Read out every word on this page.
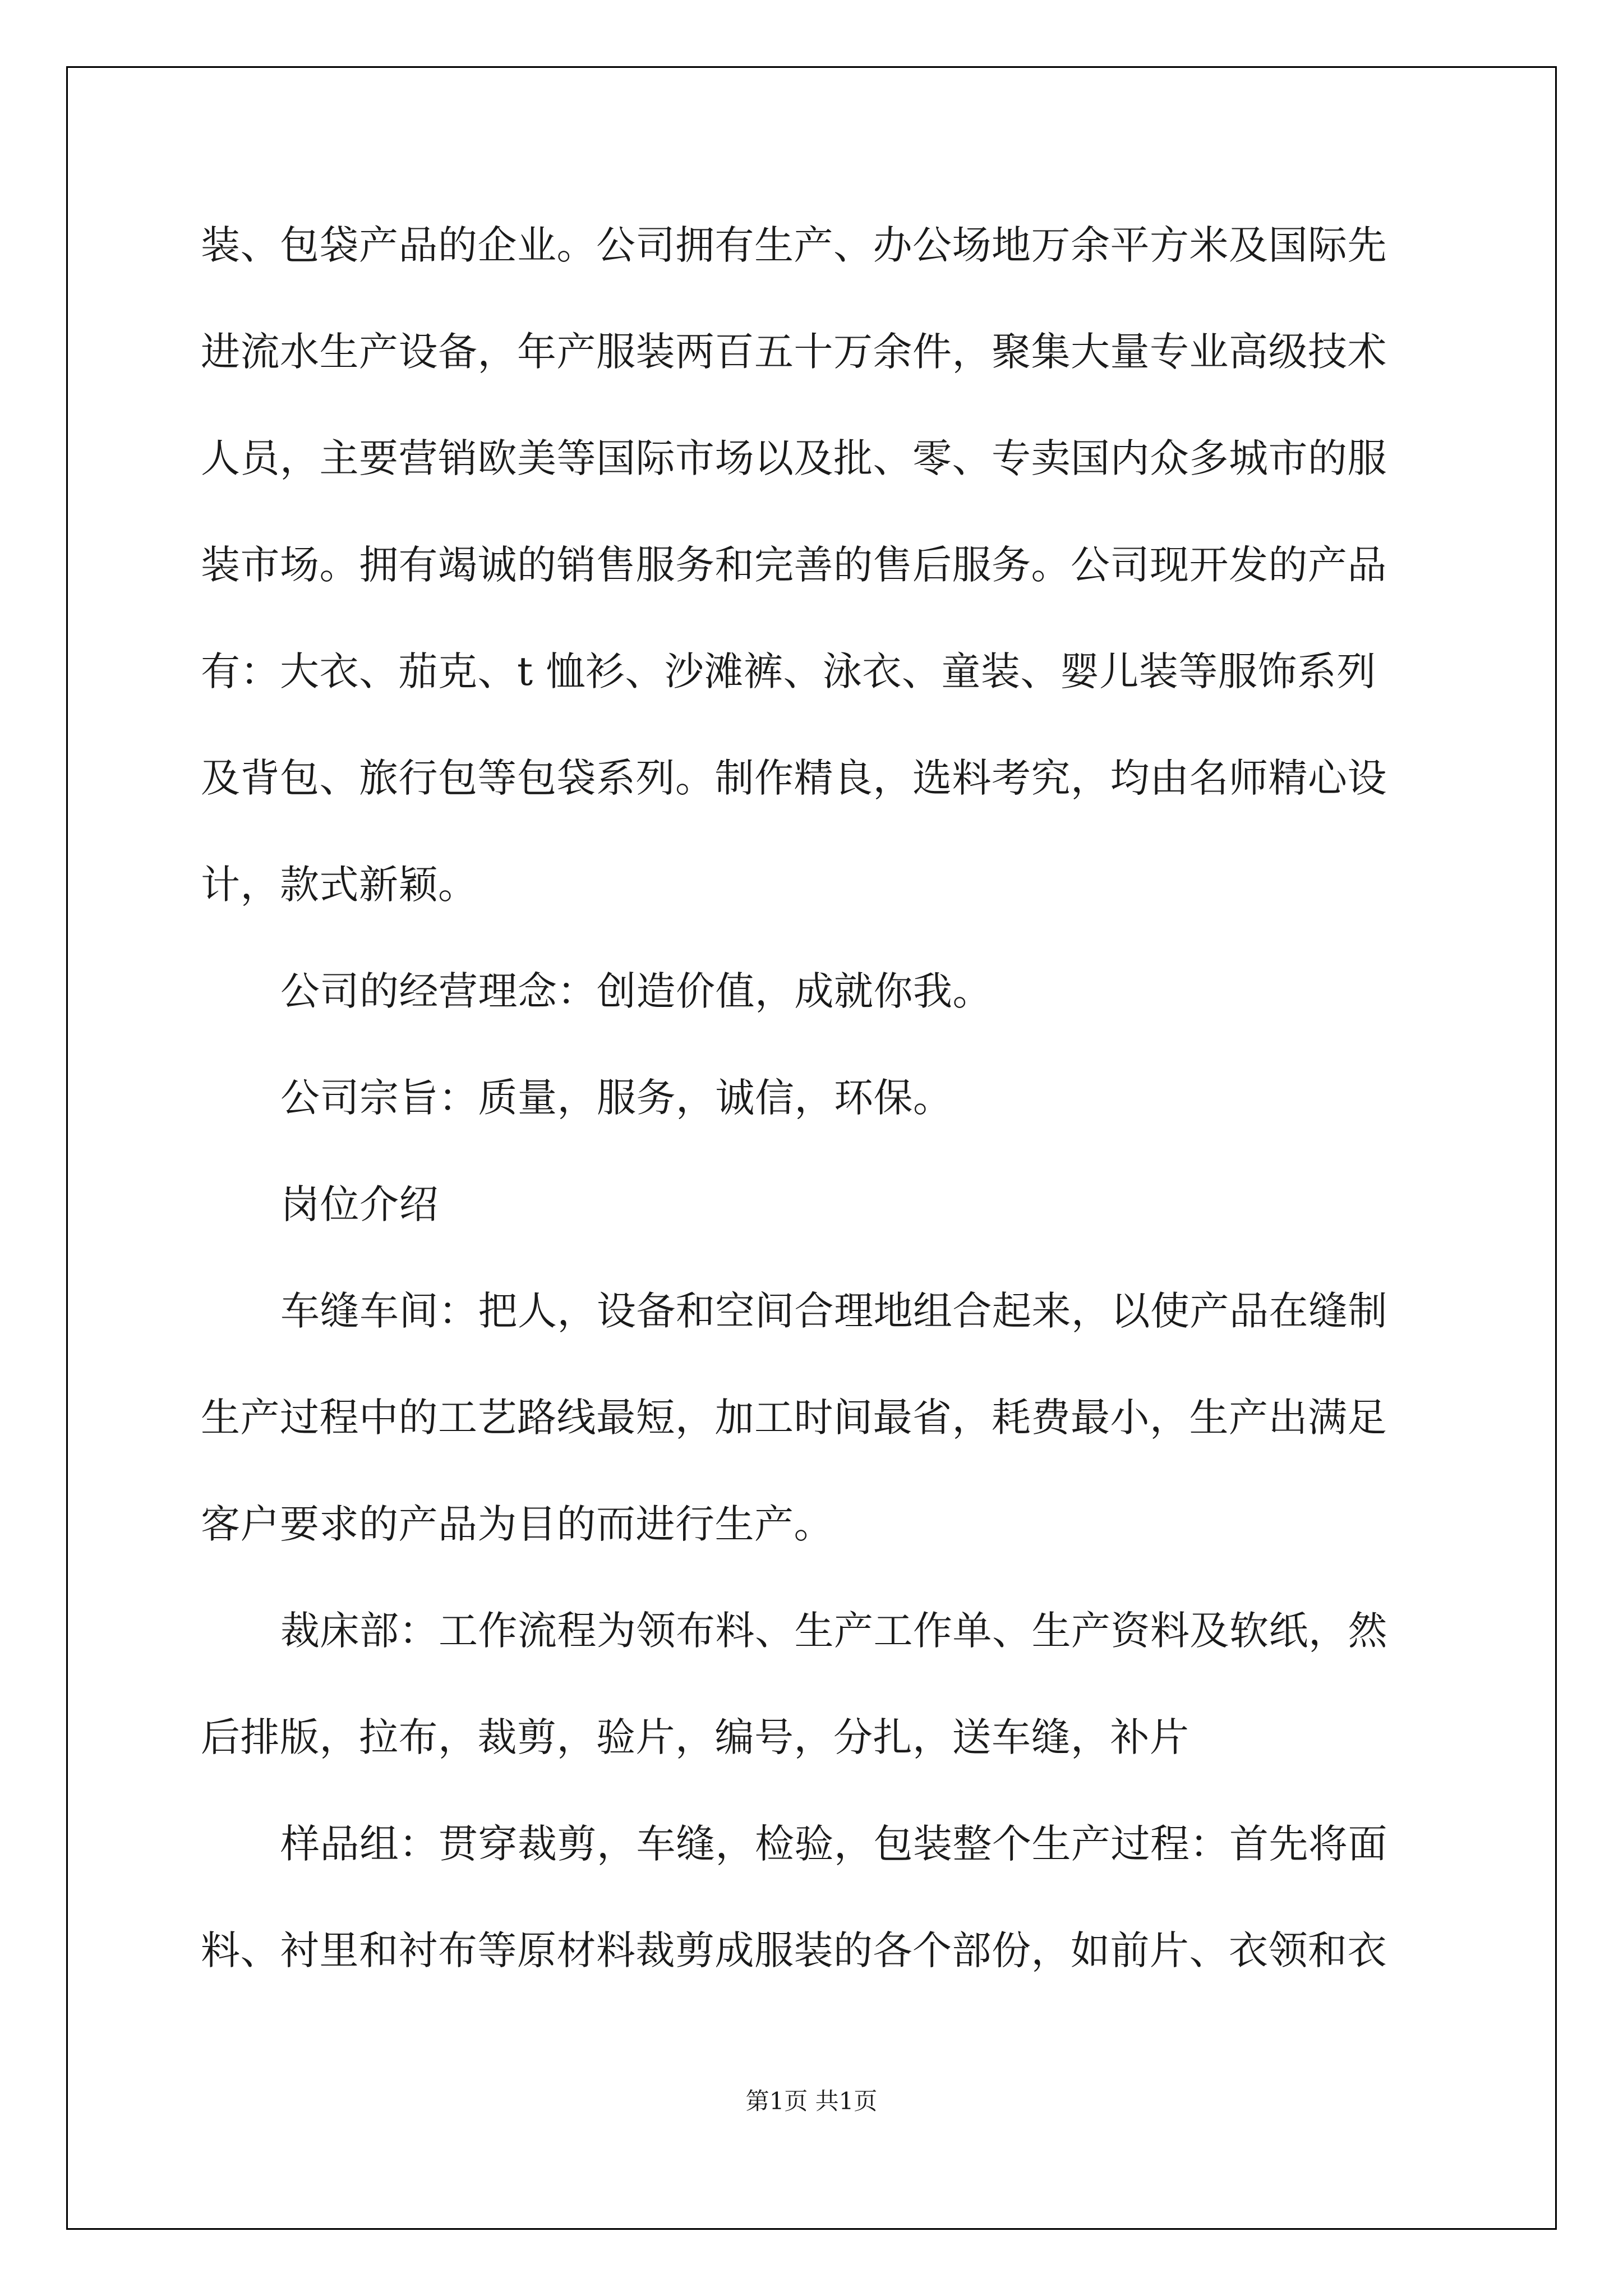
装、包袋产品的企业。公司拥有生产、办公场地万余平方米及国际先
进流水生产设备，年产服装两百五十万余件，聚集大量专业高级技术
人员，主要营销欧美等国际市场以及批、零、专卖国内众多城市的服
装市场。拥有竭诚的销售服务和完善的售后服务。公司现开发的产品
有：大衣、茄克、t 恤衫、沙滩裤、泳衣、童装、婴儿装等服饰系列
及背包、旅行包等包袋系列。制作精良，选料考究，均由名师精心设
计，款式新颖。
公司的经营理念：创造价值，成就你我。
公司宗旨：质量，服务，诚信，环保。
岗位介绍
车缝车间：把人，设备和空间合理地组合起来，以使产品在缝制
生产过程中的工艺路线最短，加工时间最省，耗费最小，生产出满足
客户要求的产品为目的而进行生产。
裁床部：工作流程为领布料、生产工作单、生产资料及软纸，然
后排版，拉布，裁剪，验片，编号，分扎，送车缝，补片
样品组：贯穿裁剪，车缝，检验，包装整个生产过程：首先将面
料、衬里和衬布等原材料裁剪成服装的各个部份，如前片、衣领和衣
第1页 共1页
